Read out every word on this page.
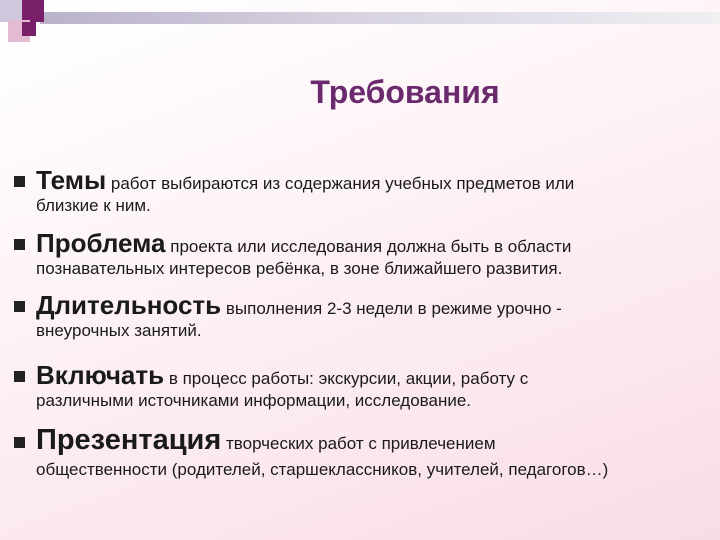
Требования
Темы работ выбираются из содержания учебных предметов или
близкие к ним.
Проблема проекта или исследования должна быть в области
познавательных интересов ребёнка, в зоне ближайшего развития.
Длительность выполнения 2-3 недели в режиме урочно -
внеурочных занятий.
Включать в процесс работы: экскурсии, акции, работу с
различными источниками информации, исследование.
Презентация творческих работ с привлечением
общественности (родителей, старшеклассников, учителей, педагогов…)
